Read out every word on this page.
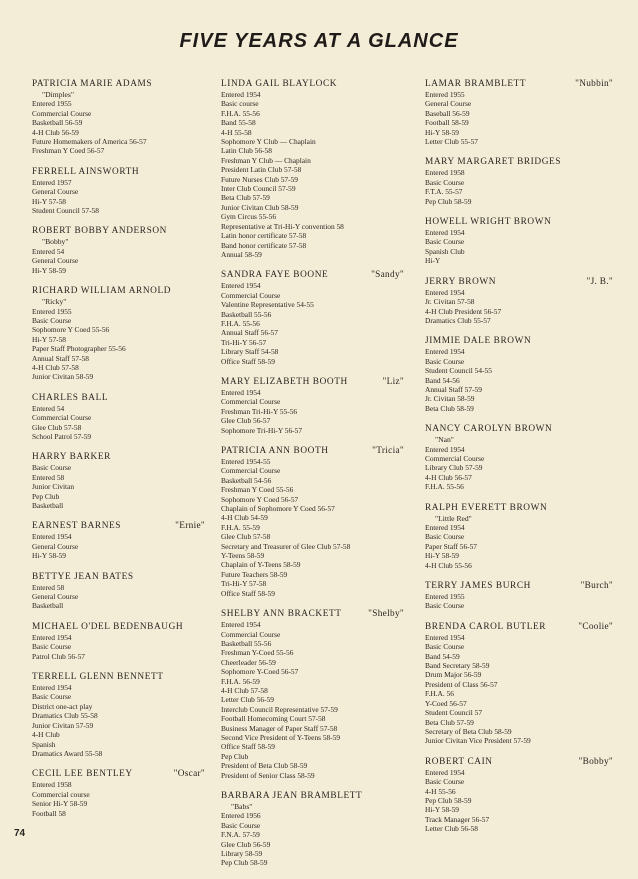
FIVE YEARS AT A GLANCE
PATRICIA MARIE ADAMS
"Dimples"
Entered 1955
Commercial Course
Basketball 56-59
4-H Club 56-59
Future Homemakers of America 56-57
Freshman Y Coed 56-57
FERRELL AINSWORTH
Entered 1957
General Course
Hi-Y 57-58
Student Council 57-58
ROBERT BOBBY ANDERSON
"Bobby"
Entered 54
General Course
Hi-Y 58-59
RICHARD WILLIAM ARNOLD
"Ricky"
Entered 1955
Basic Course
Sophomore Y Coed 55-56
Hi-Y 57-58
Paper Staff Photographer 55-56
Annual Staff 57-58
4-H Club 57-58
Junior Civitan 58-59
CHARLES BALL
Entered 54
Commercial Course
Glee Club 57-58
School Patrol 57-59
HARRY BARKER
Basic Course
Entered 58
Junior Civitan
Pep Club
Basketball
EARNEST BARNES	"Ernie"
Entered 1954
General Course
Hi-Y 58-59
BETTYE JEAN BATES
Entered 58
General Course
Basketball
MICHAEL O'DEL BEDENBAUGH
Entered 1954
Basic Course
Patrol Club 56-57
TERRELL GLENN BENNETT
Entered 1954
Basic Course
District one-act play
Dramatics Club 55-58
Junior Civitan 57-59
4-H Club
Spanish
Dramatics Award 55-58
CECIL LEE BENTLEY	"Oscar"
Entered 1958
Commercial course
Senior Hi-Y 58-59
Football 58
LINDA GAIL BLAYLOCK
Entered 1954
Basic course
F.H.A. 55-56
Band 55-58
4-H 55-58
Sophomore Y Club — Chaplain
Latin Club 56-58
Freshman Y Club — Chaplain
President Latin Club 57-58
Future Nurses Club 57-59
Inter Club Council 57-59
Beta Club 57-59
Junior Civitan Club 58-59
Gym Circus 55-56
Representative at Tri-Hi-Y convention 58
Latin honor certificate 57-58
Band honor certificate 57-58
Annual 58-59
SANDRA FAYE BOONE	"Sandy"
Entered 1954
Commercial Course
Valentine Representative 54-55
Basketball 55-56
F.H.A. 55-56
Annual Staff 56-57
Tri-Hi-Y 56-57
Library Staff 54-58
Office Staff 58-59
MARY ELIZABETH BOOTH	"Liz"
Entered 1954
Commercial Course
Freshman Tri-Hi-Y 55-56
Glee Club 56-57
Sophomore Tri-Hi-Y 56-57
PATRICIA ANN BOOTH	"Tricia"
Entered 1954-55
Commercial Course
Basketball 54-56
Freshman Y Coed 55-56
Sophomore Y Coed 56-57
Chaplain of Sophomore Y Coed 56-57
4-H Club 54-59
F.H.A. 55-59
Glee Club 57-58
Secretary and Treasurer of Glee Club 57-58
Y-Teens 58-59
Chaplain of Y-Teens 58-59
Future Teachers 58-59
Tri-Hi-Y 57-58
Office Staff 58-59
SHELBY ANN BRACKETT	"Shelby"
Entered 1954
Commercial Course
Basketball 55-56
Freshman Y-Coed 55-56
Cheerleader 56-59
Sophomore Y-Coed 56-57
F.H.A. 56-59
4-H Club 57-58
Letter Club 56-59
Interclub Council Representative 57-59
Football Homecoming Court 57-58
Business Manager of Paper Staff 57-58
Second Vice President of Y-Teens 58-59
Office Staff 58-59
Pep Club
President of Beta Club 58-59
President of Senior Class 58-59
BARBARA JEAN BRAMBLETT
"Babs"
Entered 1956
Basic Course
F.N.A. 57-59
Glee Club 56-59
Library 58-59
Pep Club 58-59
LAMAR BRAMBLETT	"Nubbin"
Entered 1955
General Course
Baseball 56-59
Football 58-59
Hi-Y 58-59
Letter Club 55-57
MARY MARGARET BRIDGES
Entered 1958
Basic Course
F.T.A. 55-57
Pep Club 58-59
HOWELL WRIGHT BROWN
Entered 1954
Basic Course
Spanish Club
Hi-Y
JERRY BROWN	"J. B."
Entered 1954
Jr. Civitan 57-58
4-H Club President 56-57
Dramatics Club 55-57
JIMMIE DALE BROWN
Entered 1954
Basic Course
Student Council 54-55
Band 54-56
Annual Staff 57-59
Jr. Civitan 58-59
Beta Club 58-59
NANCY CAROLYN BROWN
"Nan"
Entered 1954
Commercial Course
Library Club 57-59
4-H Club 56-57
F.H.A. 55-56
RALPH EVERETT BROWN
"Little Red"
Entered 1954
Basic Course
Paper Staff 56-57
Hi-Y 58-59
4-H Club 55-56
TERRY JAMES BURCH	"Burch"
Entered 1955
Basic Course
BRENDA CAROL BUTLER	"Coolie"
Entered 1954
Basic Course
Band 54-59
Band Secretary 58-59
Drum Major 56-59
President of Class 56-57
F.H.A. 56
Y-Coed 56-57
Student Council 57
Beta Club 57-59
Secretary of Beta Club 58-59
Junior Civitan Vice President 57-59
ROBERT CAIN	"Bobby"
Entered 1954
Basic Course
4-H 55-56
Pep Club 58-59
Hi-Y 58-59
Track Manager 56-57
Letter Club 56-58
74
